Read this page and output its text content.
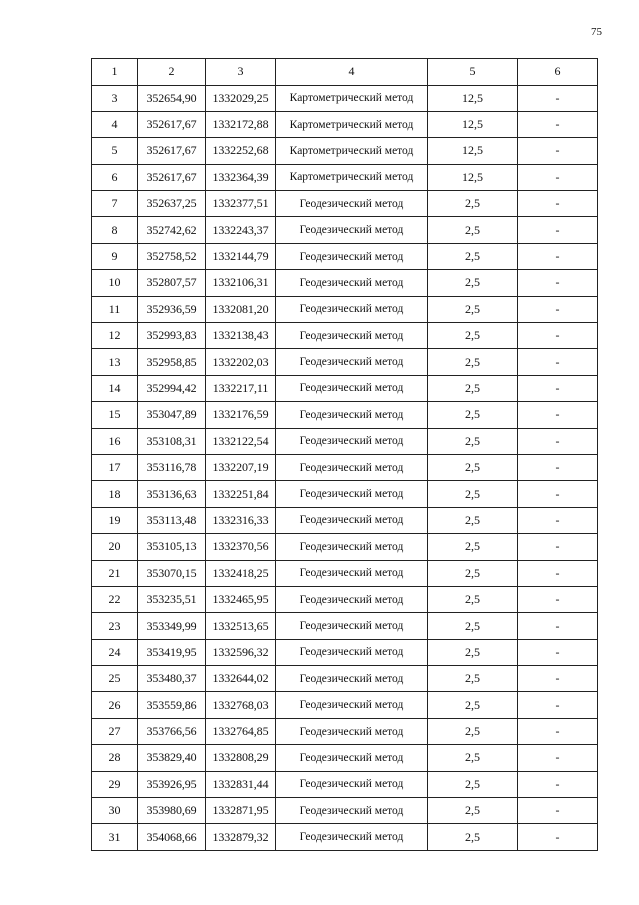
75
1	2	3	4	5	6
3	352654,90	1332029,25	Картометрический метод	12,5	-
4	352617,67	1332172,88	Картометрический метод	12,5	-
5	352617,67	1332252,68	Картометрический метод	12,5	-
6	352617,67	1332364,39	Картометрический метод	12,5	-
7	352637,25	1332377,51	Геодезический метод	2,5	-
8	352742,62	1332243,37	Геодезический метод	2,5	-
9	352758,52	1332144,79	Геодезический метод	2,5	-
10	352807,57	1332106,31	Геодезический метод	2,5	-
11	352936,59	1332081,20	Геодезический метод	2,5	-
12	352993,83	1332138,43	Геодезический метод	2,5	-
13	352958,85	1332202,03	Геодезический метод	2,5	-
14	352994,42	1332217,11	Геодезический метод	2,5	-
15	353047,89	1332176,59	Геодезический метод	2,5	-
16	353108,31	1332122,54	Геодезический метод	2,5	-
17	353116,78	1332207,19	Геодезический метод	2,5	-
18	353136,63	1332251,84	Геодезический метод	2,5	-
19	353113,48	1332316,33	Геодезический метод	2,5	-
20	353105,13	1332370,56	Геодезический метод	2,5	-
21	353070,15	1332418,25	Геодезический метод	2,5	-
22	353235,51	1332465,95	Геодезический метод	2,5	-
23	353349,99	1332513,65	Геодезический метод	2,5	-
24	353419,95	1332596,32	Геодезический метод	2,5	-
25	353480,37	1332644,02	Геодезический метод	2,5	-
26	353559,86	1332768,03	Геодезический метод	2,5	-
27	353766,56	1332764,85	Геодезический метод	2,5	-
28	353829,40	1332808,29	Геодезический метод	2,5	-
29	353926,95	1332831,44	Геодезический метод	2,5	-
30	353980,69	1332871,95	Геодезический метод	2,5	-
31	354068,66	1332879,32	Геодезический метод	2,5	-
